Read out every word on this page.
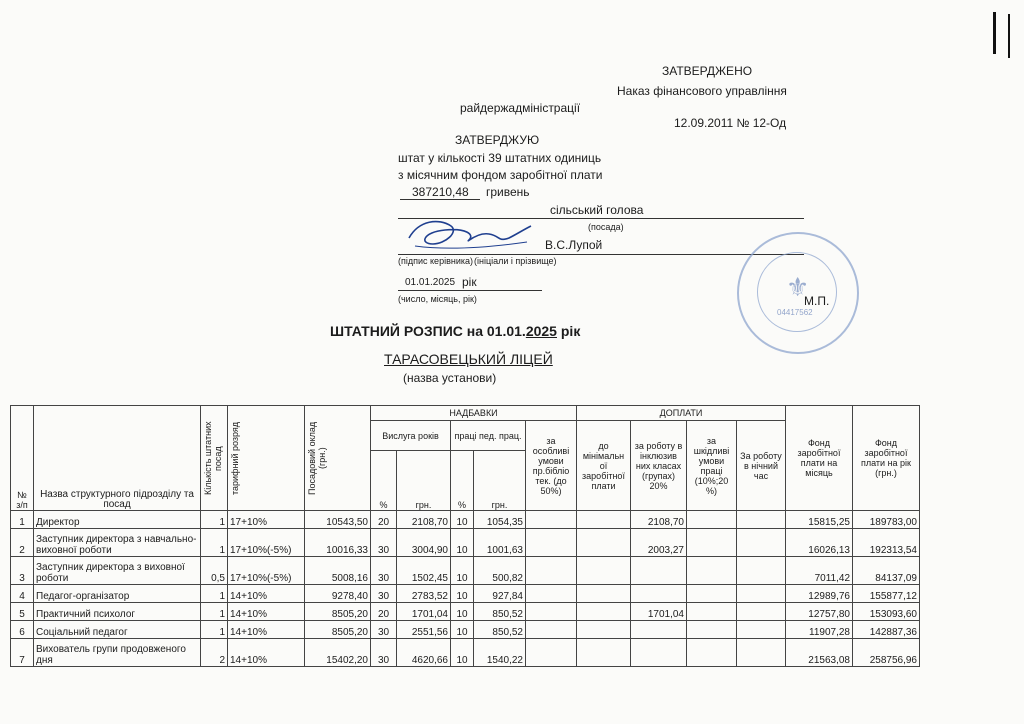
ЗАТВЕРДЖЕНО
Наказ фінансового управління
райдержадміністрації
12.09.2011 № 12-Од
ЗАТВЕРДЖУЮ
штат у кількості 39 штатних одиниць
з місячним фондом заробітної плати
387210,48 гривень
сільський голова
(посада)
В.С.Лупой
(підпис керівника) (ініціали і прізвище)
01.01.2025 рік
(число, місяць, рік)	М.П.
⚜
04417562
ШТАТНИЙ РОЗПИС на 01.01.2025 рік
ТАРАСОВЕЦЬКИЙ ЛІЦЕЙ
(назва установи)
№ з/п	Назва структурного підрозділу та посад	Кількість штатних посад	тарифний розряд	Посадовий оклад (грн.)	НАДБАВКИ					ДОПЛАТИ				Фонд заробітної плати на місяць	Фонд заробітної плати на рік (грн.)
					Вислуга років		праці пед. прац.		за особливі умови пр.бібліо тек. (до 50%)	до мінімальн ої заробітної плати	за роботу в інклюзив них класах (групах) 20%	за шкідливі умови праці (10%;20 %)	За роботу в нічний час		
					%	грн.	%	грн.							
1	Директор	1	17+10%	10543,50	20	2108,70	10	1054,35			2108,70			15815,25	189783,00
2	Заступник директора з навчально-виховної роботи	1	17+10%(-5%)	10016,33	30	3004,90	10	1001,63			2003,27			16026,13	192313,54
3	Заступник директора з виховної роботи	0,5	17+10%(-5%)	5008,16	30	1502,45	10	500,82						7011,42	84137,09
4	Педагог-організатор	1	14+10%	9278,40	30	2783,52	10	927,84						12989,76	155877,12
5	Практичний психолог	1	14+10%	8505,20	20	1701,04	10	850,52			1701,04			12757,80	153093,60
6	Соціальний педагог	1	14+10%	8505,20	30	2551,56	10	850,52						11907,28	142887,36
7	Вихователь групи продовженого дня	2	14+10%	15402,20	30	4620,66	10	1540,22						21563,08	258756,96
